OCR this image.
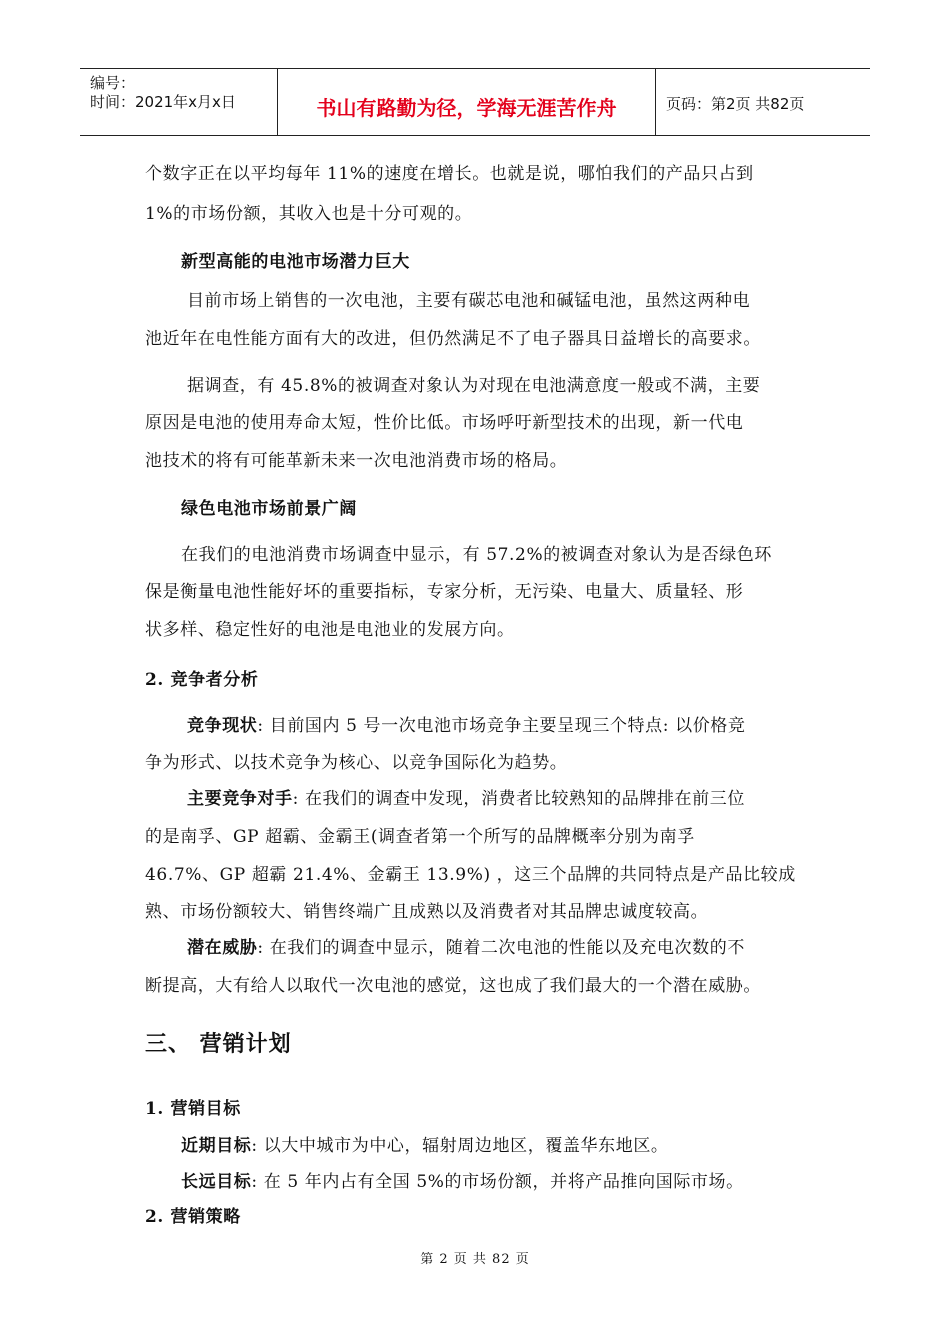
编号：
时间：2021年x月x日	书山有路勤为径，学海无涯苦作舟	页码：第2页 共82页
个数字正在以平均每年 11%的速度在增长。也就是说，哪怕我们的产品只占到
1%的市场份额，其收入也是十分可观的。
新型高能的电池市场潜力巨大
目前市场上销售的一次电池，主要有碳芯电池和碱锰电池，虽然这两种电
池近年在电性能方面有大的改进，但仍然满足不了电子器具日益增长的高要求。
据调查，有 45.8%的被调查对象认为对现在电池满意度一般或不满，主要
原因是电池的使用寿命太短，性价比低。市场呼吁新型技术的出现，新一代电
池技术的将有可能革新未来一次电池消费市场的格局。
绿色电池市场前景广阔
在我们的电池消费市场调查中显示，有 57.2%的被调查对象认为是否绿色环
保是衡量电池性能好坏的重要指标，专家分析，无污染、电量大、质量轻、形
状多样、稳定性好的电池是电池业的发展方向。
2. 竞争者分析
竞争现状: 目前国内 5 号一次电池市场竞争主要呈现三个特点: 以价格竞
争为形式、以技术竞争为核心、以竞争国际化为趋势。
主要竞争对手: 在我们的调查中发现，消费者比较熟知的品牌排在前三位
的是南孚、GP 超霸、金霸王(调查者第一个所写的品牌概率分别为南孚
46.7%、GP 超霸 21.4%、金霸王 13.9%) ，这三个品牌的共同特点是产品比较成
熟、市场份额较大、销售终端广且成熟以及消费者对其品牌忠诚度较高。
潜在威胁: 在我们的调查中显示，随着二次电池的性能以及充电次数的不
断提高，大有给人以取代一次电池的感觉，这也成了我们最大的一个潜在威胁。
三、 营销计划
1. 营销目标
近期目标: 以大中城市为中心，辐射周边地区，覆盖华东地区。
长远目标: 在 5 年内占有全国 5%的市场份额，并将产品推向国际市场。
2. 营销策略
第 2 页 共 82 页
